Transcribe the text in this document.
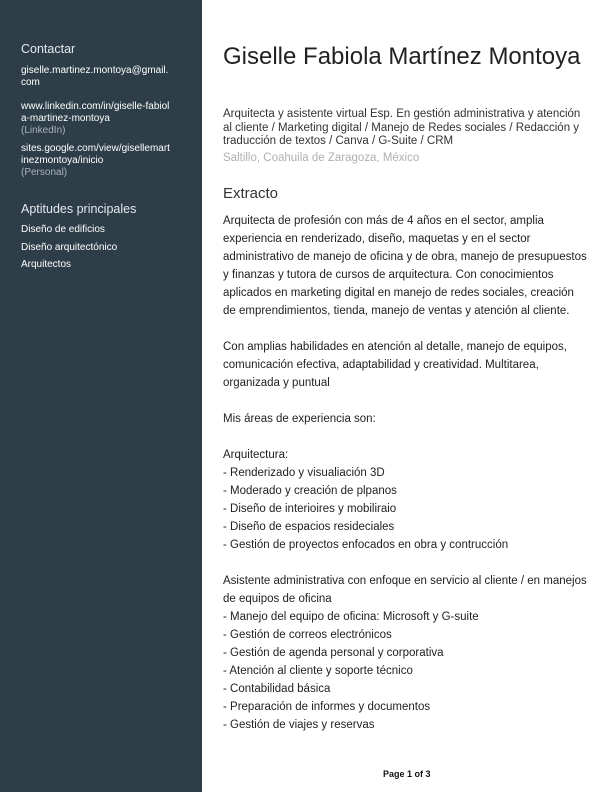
Contactar
giselle.martinez.montoya@gmail.com
www.linkedin.com/in/giselle-fabiola-martinez-montoya
(LinkedIn)
sites.google.com/view/gisellemartinezmontoya/inicio
(Personal)
Aptitudes principales
Diseño de edificios
Diseño arquitectónico
Arquitectos
Giselle Fabiola Martínez Montoya
Arquitecta y asistente virtual Esp. En gestión administrativa y atención al cliente / Marketing digital / Manejo de Redes sociales / Redacción y traducción de textos / Canva / G-Suite / CRM
Saltillo, Coahuila de Zaragoza, México
Extracto

Arquitecta de profesión con más de 4 años en el sector, amplia experiencia en renderizado, diseño, maquetas y en el sector administrativo de manejo de oficina y de obra, manejo de presupuestos y finanzas y tutora de cursos de arquitectura. Con conocimientos aplicados en marketing digital en manejo de redes sociales, creación de emprendimientos, tienda, manejo de ventas y atención al cliente.

Con amplias habilidades en atención al detalle, manejo de equipos, comunicación efectiva, adaptabilidad y creatividad. Multitarea, organizada y puntual

Mis áreas de experiencia son:

Arquitectura:
- Renderizado y visualiación 3D
- Moderado y creación de plpanos
- Diseño de interioires y mobiliraio
- Diseño de espacios resideciales
- Gestión de proyectos enfocados en obra y contrucción

Asistente administrativa con enfoque en servicio al cliente / en manejos de equipos de oficina
- Manejo del equipo de oficina: Microsoft y G-suite
- Gestión de correos electrónicos
- Gestión de agenda personal y corporativa
- Atención al cliente y soporte técnico
- Contabilidad básica
- Preparación de informes y documentos
- Gestión de viajes y reservas

Page 1 of 3
